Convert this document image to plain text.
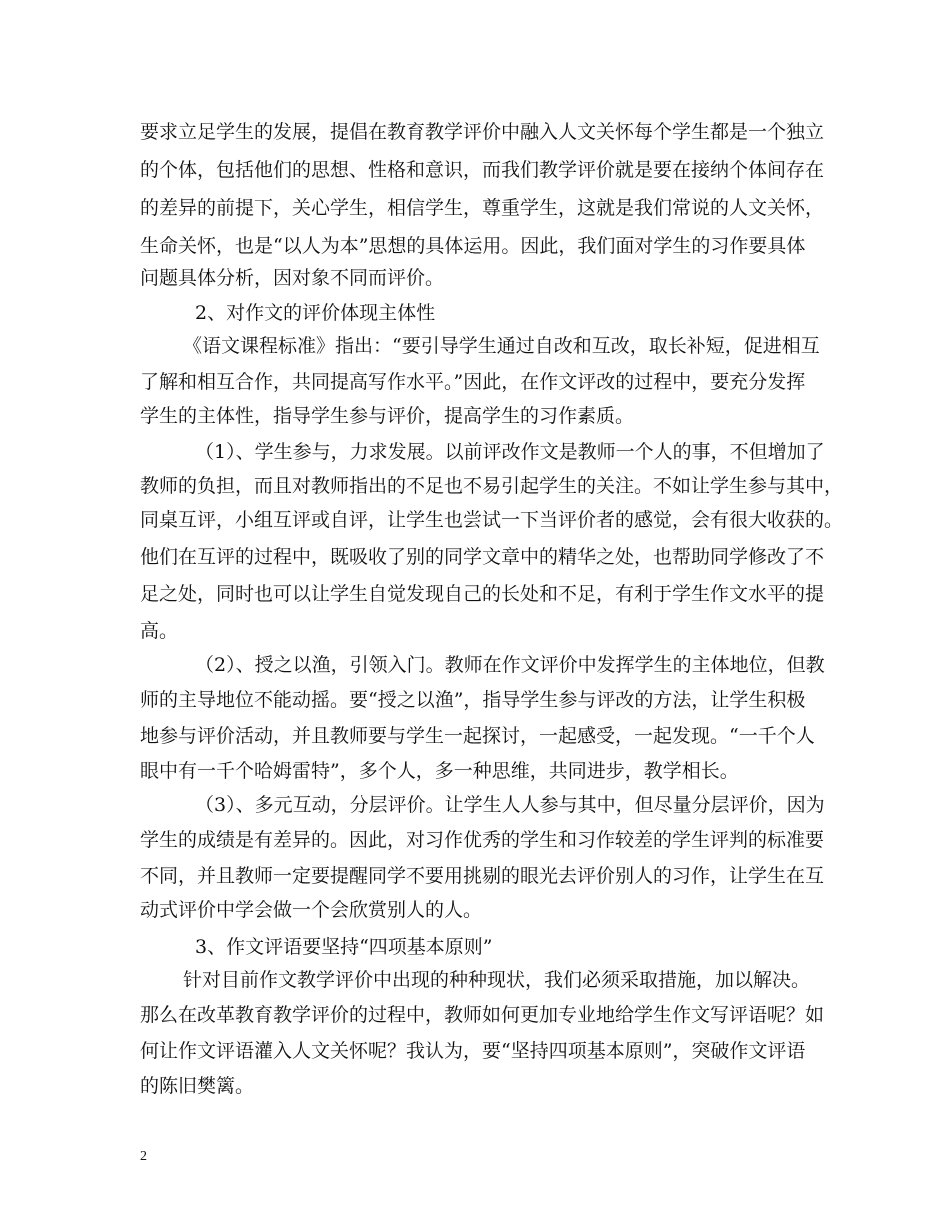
要求立足学生的发展，提倡在教育教学评价中融入人文关怀每个学生都是一个独立
的个体，包括他们的思想、性格和意识，而我们教学评价就是要在接纳个体间存在
的差异的前提下，关心学生，相信学生，尊重学生，这就是我们常说的人文关怀，
生命关怀，也是“以人为本”思想的具体运用。因此，我们面对学生的习作要具体
问题具体分析，因对象不同而评价。
2、对作文的评价体现主体性
《语文课程标准》指出：“要引导学生通过自改和互改，取长补短，促进相互
了解和相互合作，共同提高写作水平。”因此，在作文评改的过程中，要充分发挥
学生的主体性，指导学生参与评价，提高学生的习作素质。
（1）、学生参与，力求发展。以前评改作文是教师一个人的事，不但增加了
教师的负担，而且对教师指出的不足也不易引起学生的关注。不如让学生参与其中，
同桌互评，小组互评或自评，让学生也尝试一下当评价者的感觉，会有很大收获的。
他们在互评的过程中，既吸收了别的同学文章中的精华之处，也帮助同学修改了不
足之处，同时也可以让学生自觉发现自己的长处和不足，有利于学生作文水平的提
高。
（2）、授之以渔，引领入门。教师在作文评价中发挥学生的主体地位，但教
师的主导地位不能动摇。要“授之以渔”，指导学生参与评改的方法，让学生积极
地参与评价活动，并且教师要与学生一起探讨，一起感受，一起发现。“一千个人
眼中有一千个哈姆雷特”，多个人，多一种思维，共同进步，教学相长。
（3）、多元互动，分层评价。让学生人人参与其中，但尽量分层评价，因为
学生的成绩是有差异的。因此，对习作优秀的学生和习作较差的学生评判的标准要
不同，并且教师一定要提醒同学不要用挑剔的眼光去评价别人的习作，让学生在互
动式评价中学会做一个会欣赏别人的人。
3、作文评语要坚持“四项基本原则”
针对目前作文教学评价中出现的种种现状，我们必须采取措施，加以解决。
那么在改革教育教学评价的过程中，教师如何更加专业地给学生作文写评语呢？如
何让作文评语灌入人文关怀呢？我认为，要“坚持四项基本原则”，突破作文评语
的陈旧樊篱。
2
